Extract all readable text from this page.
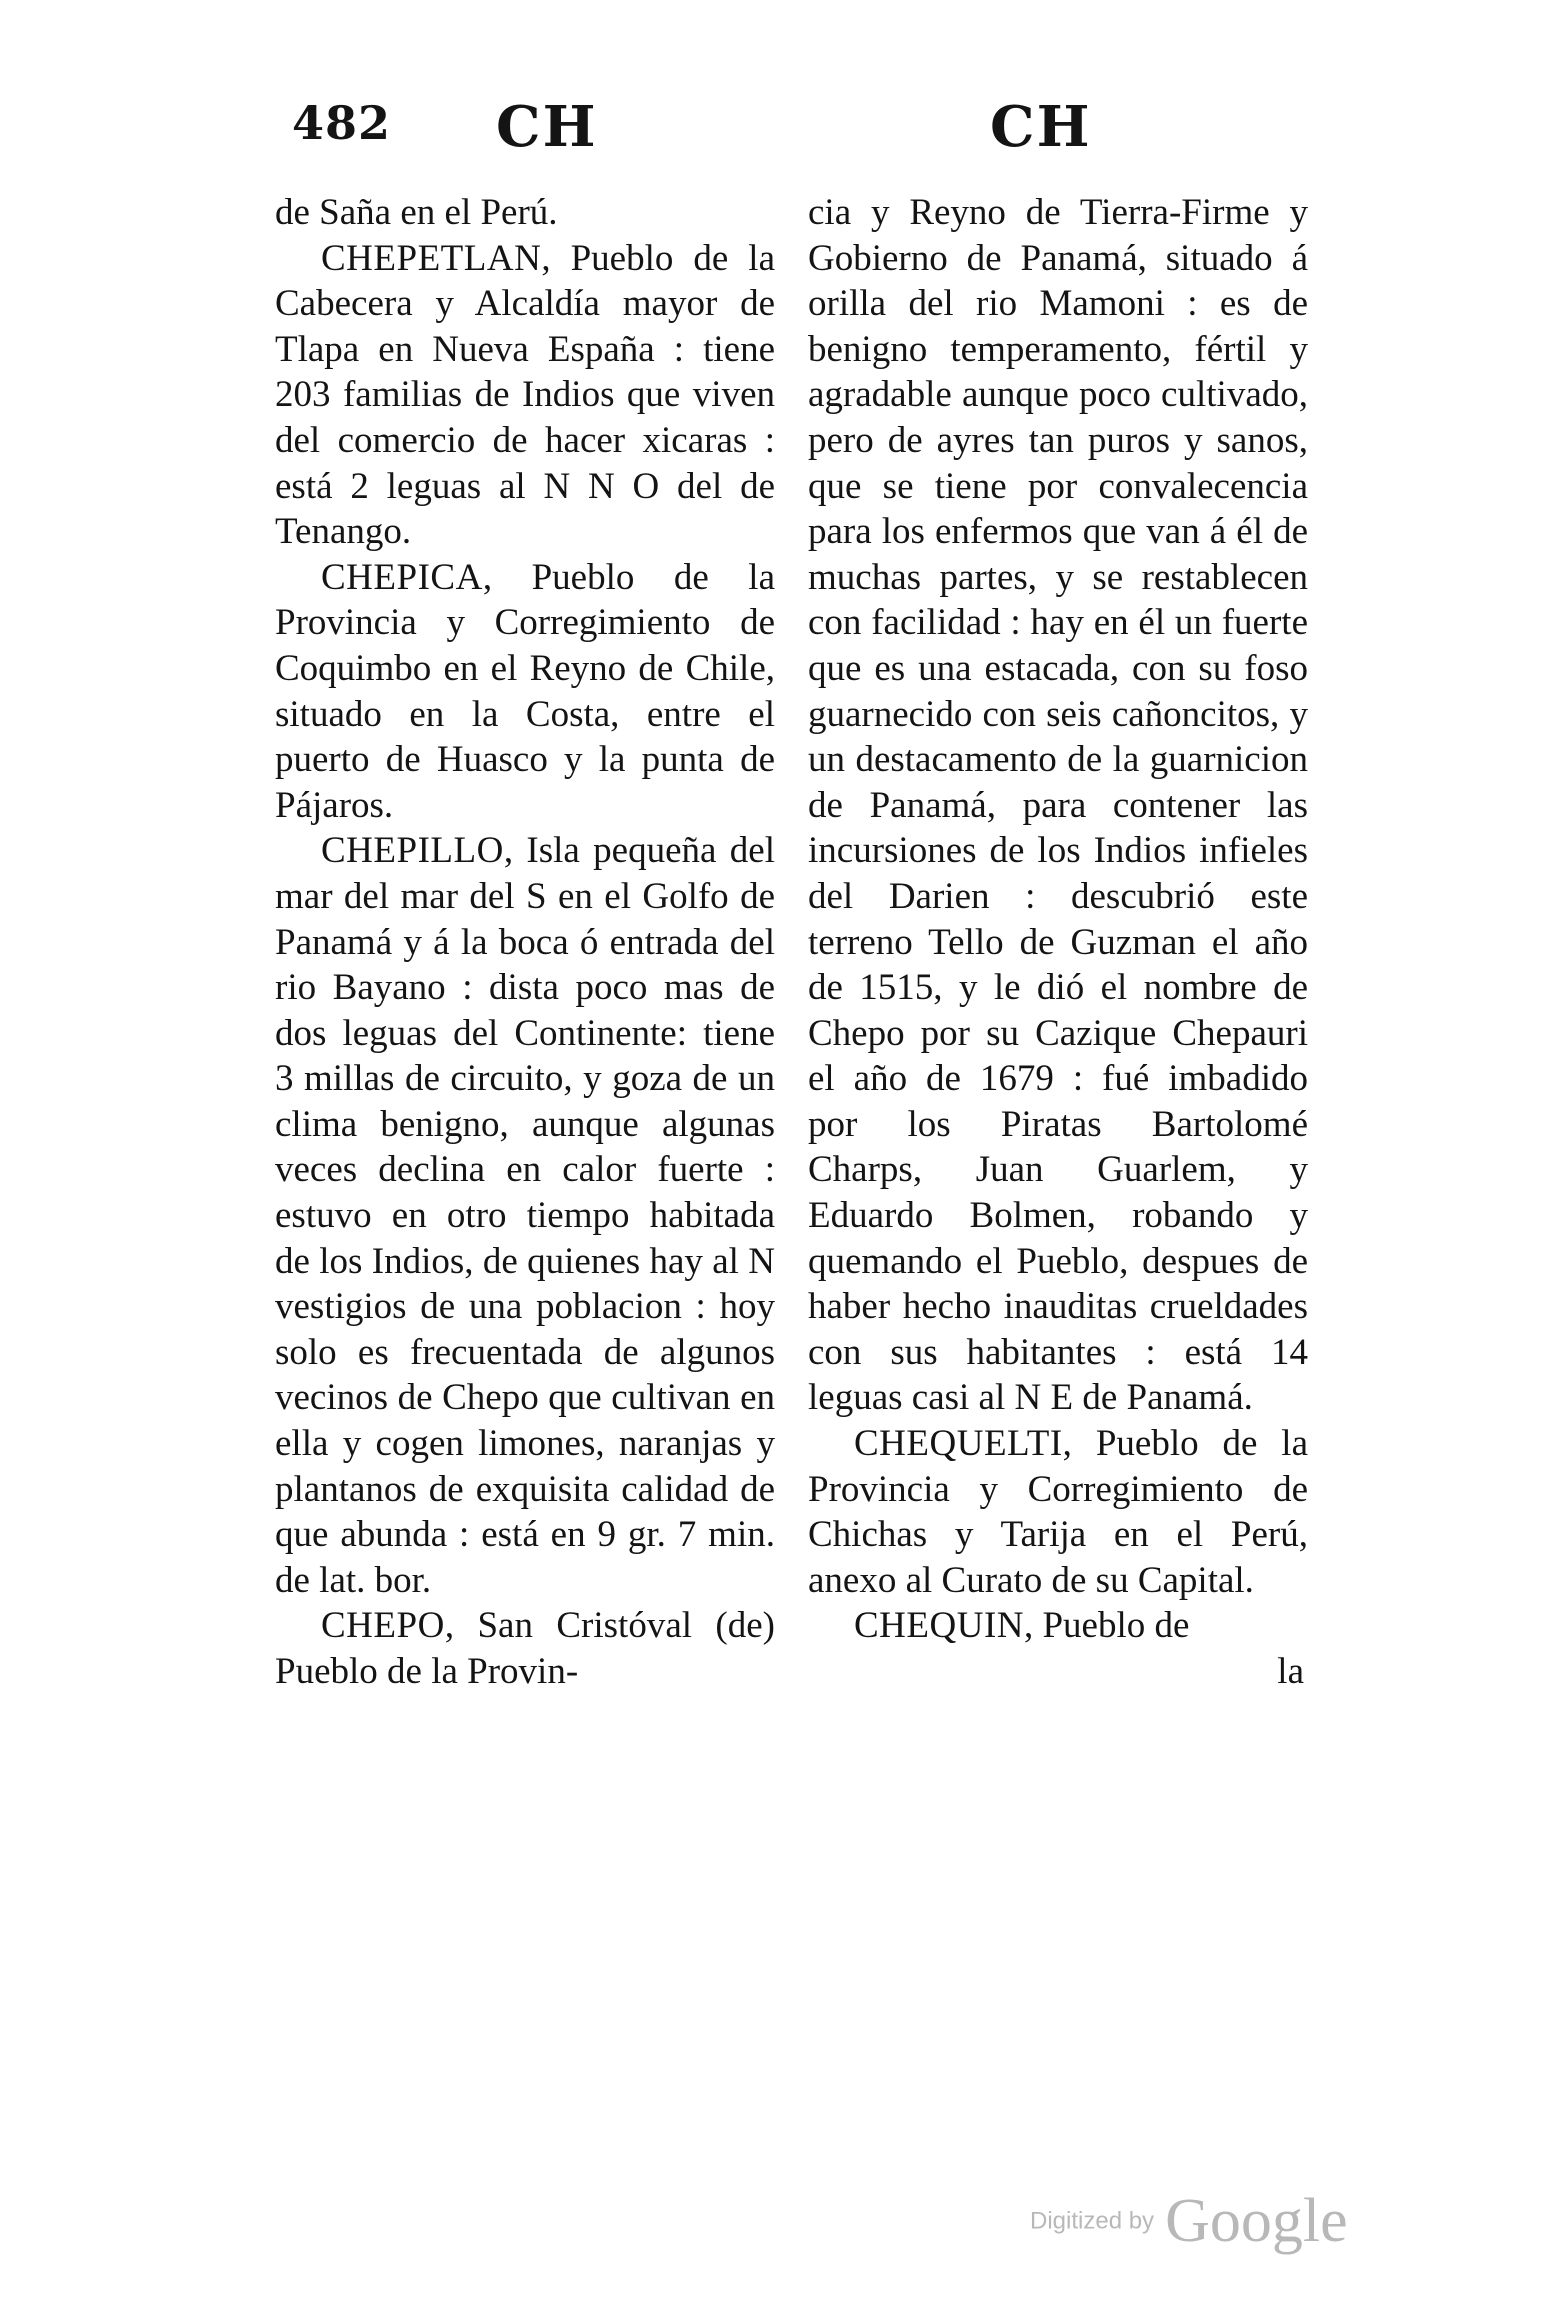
482 CH	CH

de Saña en el Perú.

CHEPETLAN, Pueblo de la Cabecera y Alcaldía mayor de Tlapa en Nueva España : tiene 203 familias de Indios que viven del comercio de hacer xicaras : está 2 leguas al N N O del de Tenango.

CHEPICA, Pueblo de la Provincia y Corregimiento de Coquimbo en el Reyno de Chile, situado en la Costa, entre el puerto de Huasco y la punta de Pájaros.

CHEPILLO, Isla pequeña del mar del mar del S en el Golfo de Panamá y á la boca ó entrada del rio Bayano : dista poco mas de dos leguas del Continente: tiene 3 millas de circuito, y goza de un clima benigno, aunque algunas veces declina en calor fuerte : estuvo en otro tiempo habitada de los Indios, de quienes hay al N vestigios de una poblacion : hoy solo es frecuentada de algunos vecinos de Chepo que cultivan en ella y cogen limones, naranjas y plantanos de exquisita calidad de que abunda : está en 9 gr. 7 min. de lat. bor.

CHEPO, San Cristóval (de) Pueblo de la Provin-

cia y Reyno de Tierra-Firme y Gobierno de Panamá, situado á orilla del rio Mamoni : es de benigno temperamento, fértil y agradable aunque poco cultivado, pero de ayres tan puros y sanos, que se tiene por convalecencia para los enfermos que van á él de muchas partes, y se restablecen con facilidad : hay en él un fuerte que es una estacada, con su foso guarnecido con seis cañoncitos, y un destacamento de la guarnicion de Panamá, para contener las incursiones de los Indios infieles del Darien : descubrió este terreno Tello de Guzman el año de 1515, y le dió el nombre de Chepo por su Cazique Chepauri el año de 1679 : fué imbadido por los Piratas Bartolomé Charps, Juan Guarlem, y Eduardo Bolmen, robando y quemando el Pueblo, despues de haber hecho inauditas crueldades con sus habitantes : está 14 leguas casi al N E de Panamá.

CHEQUELTI, Pueblo de la Provincia y Corregimiento de Chichas y Tarija en el Perú, anexo al Curato de su Capital.

CHEQUIN, Pueblo de

la

Digitized by Google
